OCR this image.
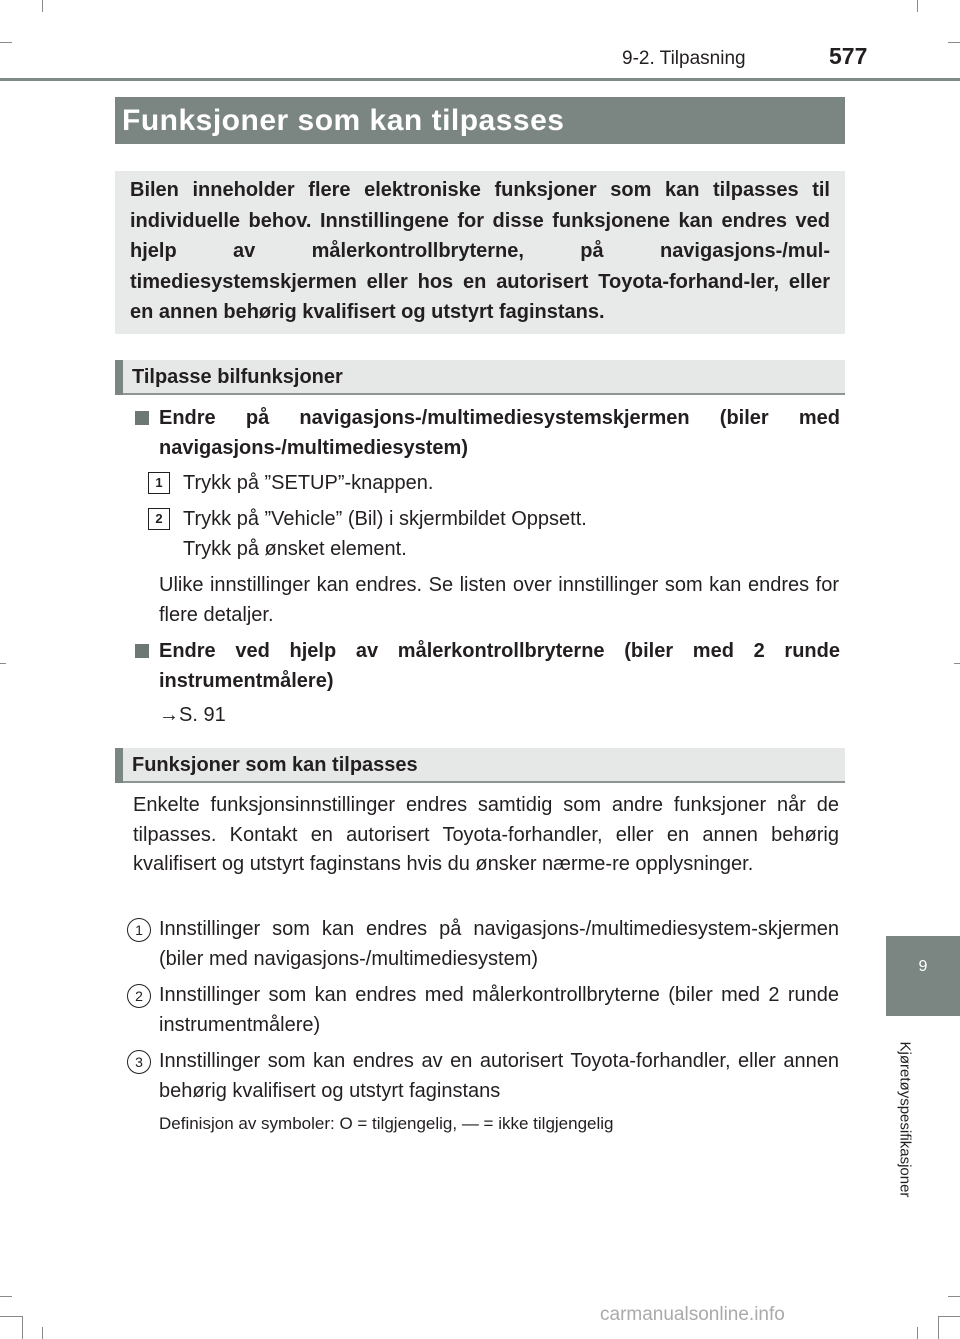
9-2. Tilpasning	577
Funksjoner som kan tilpasses

Bilen inneholder flere elektroniske funksjoner som kan tilpasses til individuelle behov. Innstillingene for disse funksjonene kan endres ved hjelp av målerkontrollbryterne, på navigasjons-/mul-timediesystemskjermen eller hos en autorisert Toyota-forhand-ler, eller en annen behørig kvalifisert og utstyrt faginstans.

Tilpasse bilfunksjoner
Endre på navigasjons-/multimediesystemskjermen (biler med navigasjons-/multimediesystem)
1	Trykk på ”SETUP”-knappen.
2	Trykk på ”Vehicle” (Bil) i skjermbildet Oppsett.
Trykk på ønsket element.
Ulike innstillinger kan endres. Se listen over innstillinger som kan endres for flere detaljer.
Endre ved hjelp av målerkontrollbryterne (biler med 2 runde instrumentmålere)
→S. 91
Funksjoner som kan tilpasses
Enkelte funksjonsinnstillinger endres samtidig som andre funksjoner når de tilpasses. Kontakt en autorisert Toyota-forhandler, eller en annen behørig kvalifisert og utstyrt faginstans hvis du ønsker nærme-re opplysninger.
1 Innstillinger som kan endres på navigasjons-/multimediesystem-skjermen (biler med navigasjons-/multimediesystem)
2 Innstillinger som kan endres med målerkontrollbryterne (biler med 2 runde instrumentmålere)
3 Innstillinger som kan endres av en autorisert Toyota-forhandler, eller annen behørig kvalifisert og utstyrt faginstans
Definisjon av symboler: O = tilgjengelig, — = ikke tilgjengelig
9
Kjøretøyspesifikasjoner
carmanualsonline.info
